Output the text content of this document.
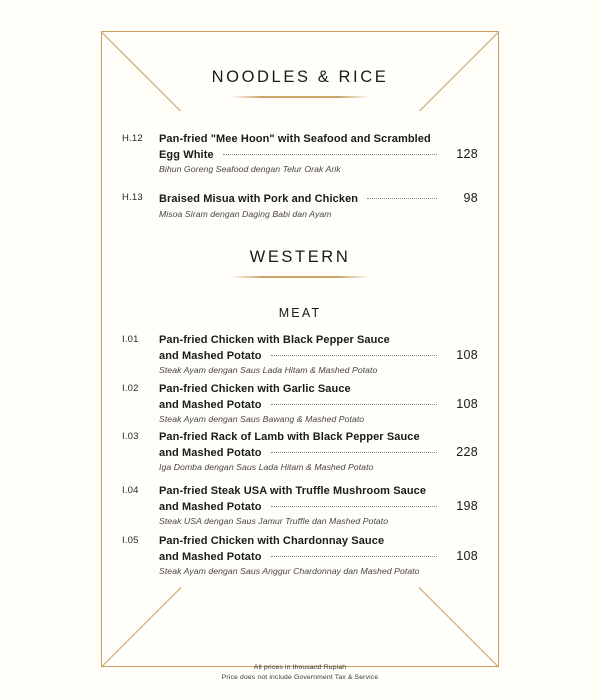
NOODLES & RICE
H.12	Pan-fried "Mee Hoon" with Seafood and Scrambled
Egg White	128
Bihun Goreng Seafood dengan Telur Orak Arik
H.13	Braised Misua with Pork and Chicken	98
Misoa Siram dengan Daging Babi dan Ayam
WESTERN
MEAT
I.01	Pan-fried Chicken with Black Pepper Sauce
and Mashed Potato	108
Steak Ayam dengan Saus Lada Hitam & Mashed Potato
I.02	Pan-fried Chicken with Garlic Sauce
and Mashed Potato	108
Steak Ayam dengan Saus Bawang & Mashed Potato
I.03	Pan-fried Rack of Lamb with Black Pepper Sauce
and Mashed Potato	228
Iga Domba dengan Saus Lada Hitam & Mashed Potato
I.04	Pan-fried Steak USA with Truffle Mushroom Sauce
and Mashed Potato	198
Steak USA dengan Saus Jamur Truffle dan Mashed Potato
I.05	Pan-fried Chicken with Chardonnay Sauce
and Mashed Potato	108
Steak Ayam dengan Saus Anggur Chardonnay dan Mashed Potato
All prices in thousand Rupiah
Price does not include Government Tax & Service
